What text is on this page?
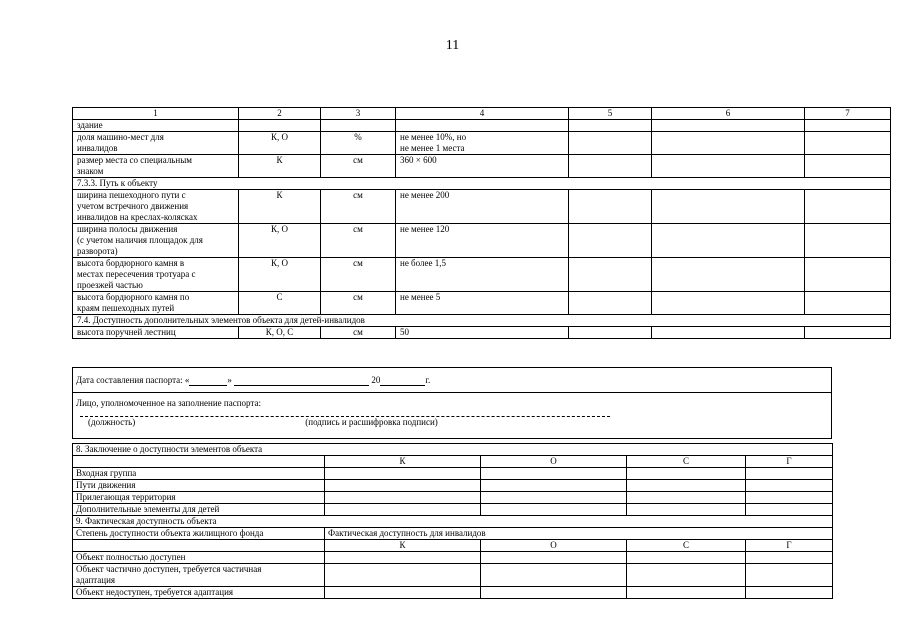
11
1	2	3	4	5	6	7
здание						
доля машино-мест для
инвалидов	К, О	%	не менее 10%, но
не менее 1 места			
размер места со специальным
знаком	К	см	360 × 600			
7.3.3. Путь к объекту						
ширина пешеходного пути с
учетом встречного движения
инвалидов на креслах-колясках	К	см	не менее 200			
ширина полосы движения
(с учетом наличия площадок для
разворота)	К, О	см	не менее 120			
высота бордюрного камня в
местах пересечения тротуара с
проезжей частью	К, О	см	не более 1,5			
высота бордюрного камня по
краям пешеходных путей	С	см	не менее 5			
7.4. Доступность дополнительных элементов объекта для детей-инвалидов						
высота поручней лестниц	К, О, С	см	50			
Дата составления паспорта: «	»	20	г.
Лицо, уполномоченное на заполнение паспорта:
(должность)	(подпись и расшифровка подписи)
8. Заключение о доступности элементов объекта				
	К	О	С	Г
Входная группа				
Пути движения				
Прилегающая территория				
Дополнительные элементы для детей				
9. Фактическая доступность объекта				
Степень доступности объекта жилищного фонда	Фактическая доступность для инвалидов			
	К	О	С	Г
Объект полностью доступен				
Объект частично доступен, требуется частичная
адаптация				
Объект недоступен, требуется адаптация				
